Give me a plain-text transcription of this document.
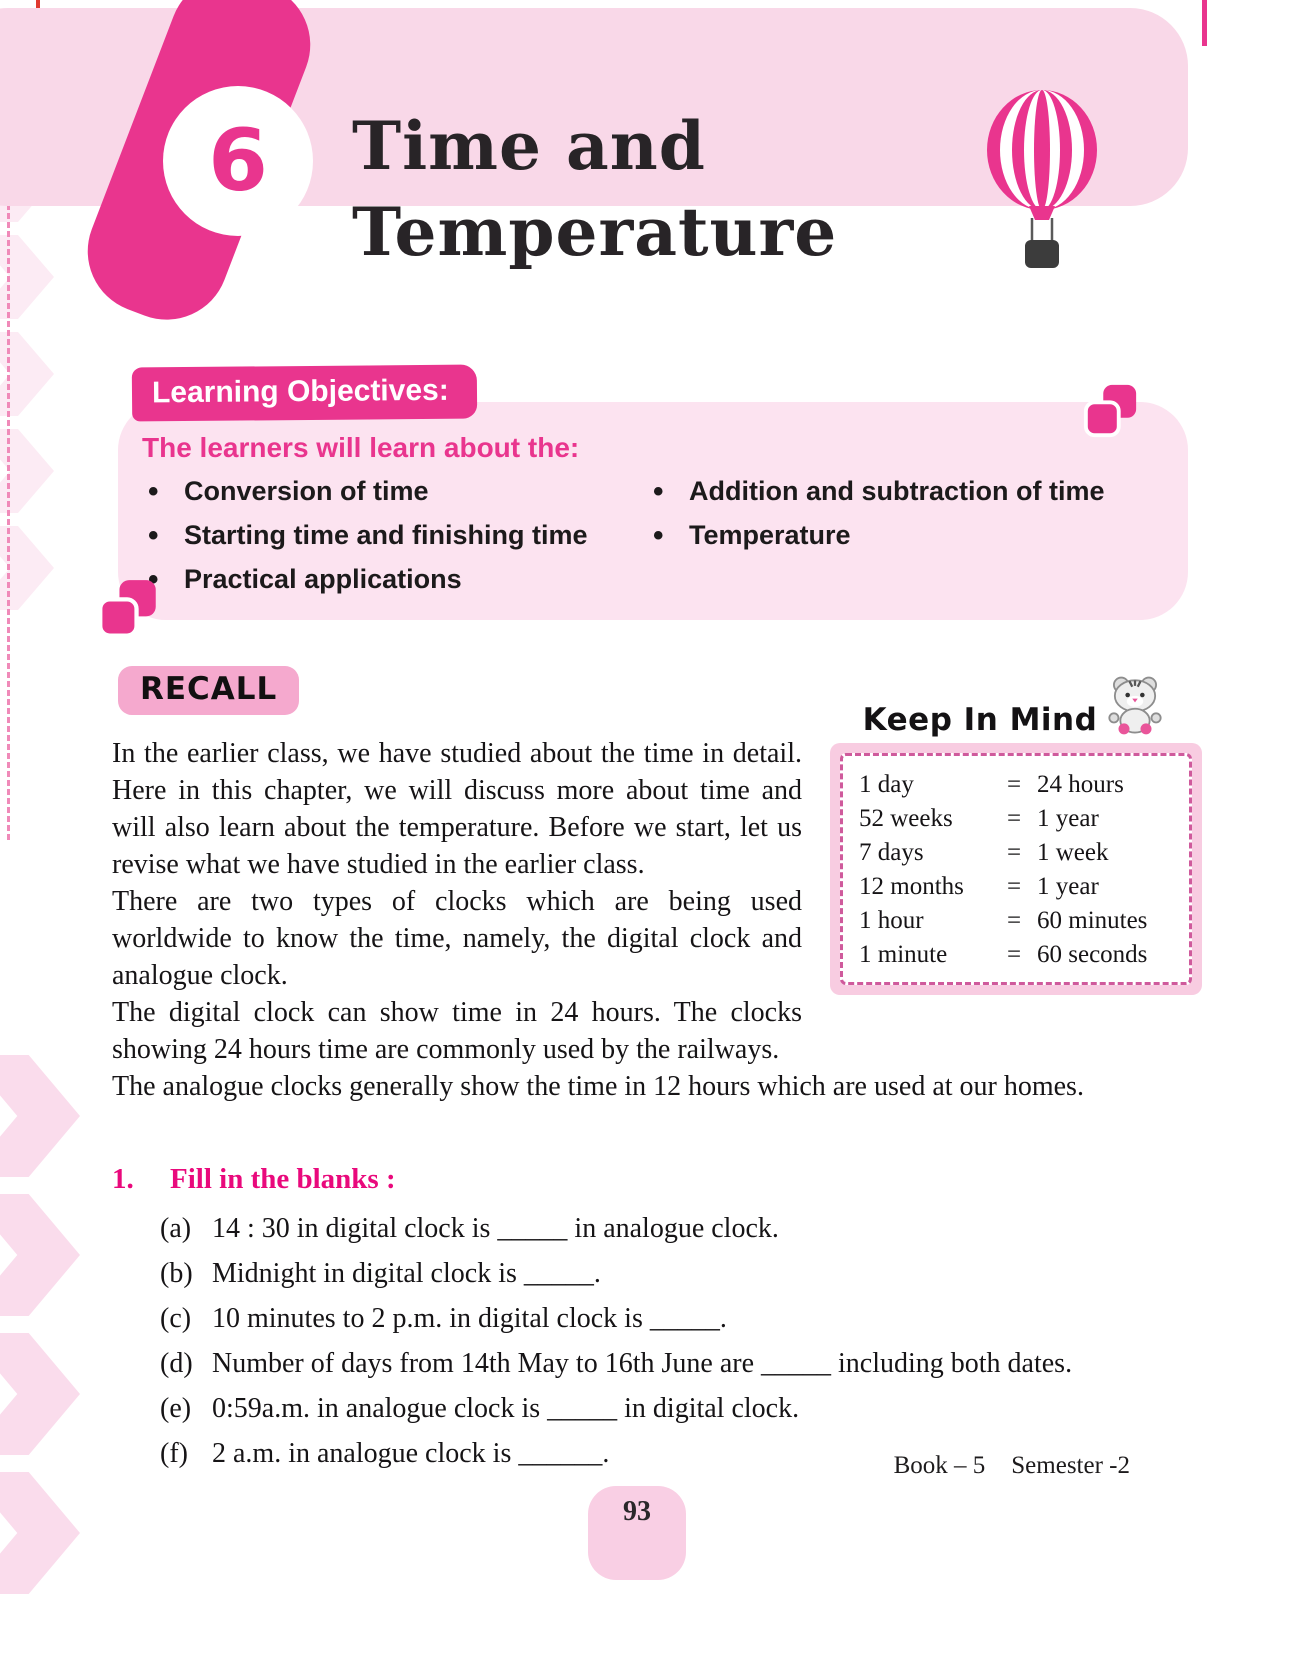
6 Time and
Temperature
Learning Objectives:
The learners will learn about the:
• Conversion of time
• Starting time and finishing time
• Practical applications
• Addition and subtraction of time
• Temperature
RECALL
Keep In Mind
1 day	= 24 hours
52 weeks	= 1 year
7 days	= 1 week
12 months	= 1 year
1 hour	= 60 minutes
1 minute	= 60 seconds

In the earlier class, we have studied about the time in detail. Here in this chapter, we will discuss more about time and will also learn about the temperature. Before we start, let us revise what we have studied in the earlier class.

There are two types of clocks which are being used worldwide to know the time, namely, the digital clock and analogue clock.

The digital clock can show time in 24 hours. The clocks showing 24 hours time are commonly used by the railways.

The analogue clocks generally show the time in 12 hours which are used at our homes.

1.	Fill in the blanks :
(a) 14 : 30 in digital clock is _____ in analogue clock.
(b) Midnight in digital clock is _____.
(c) 10 minutes to 2 p.m. in digital clock is _____.
(d) Number of days from 14th May to 16th June are _____ including both dates.
(e) 0:59a.m. in analogue clock is _____ in digital clock.
(f) 2 a.m. in analogue clock is ______.	Book – 5 Semester -2
93
